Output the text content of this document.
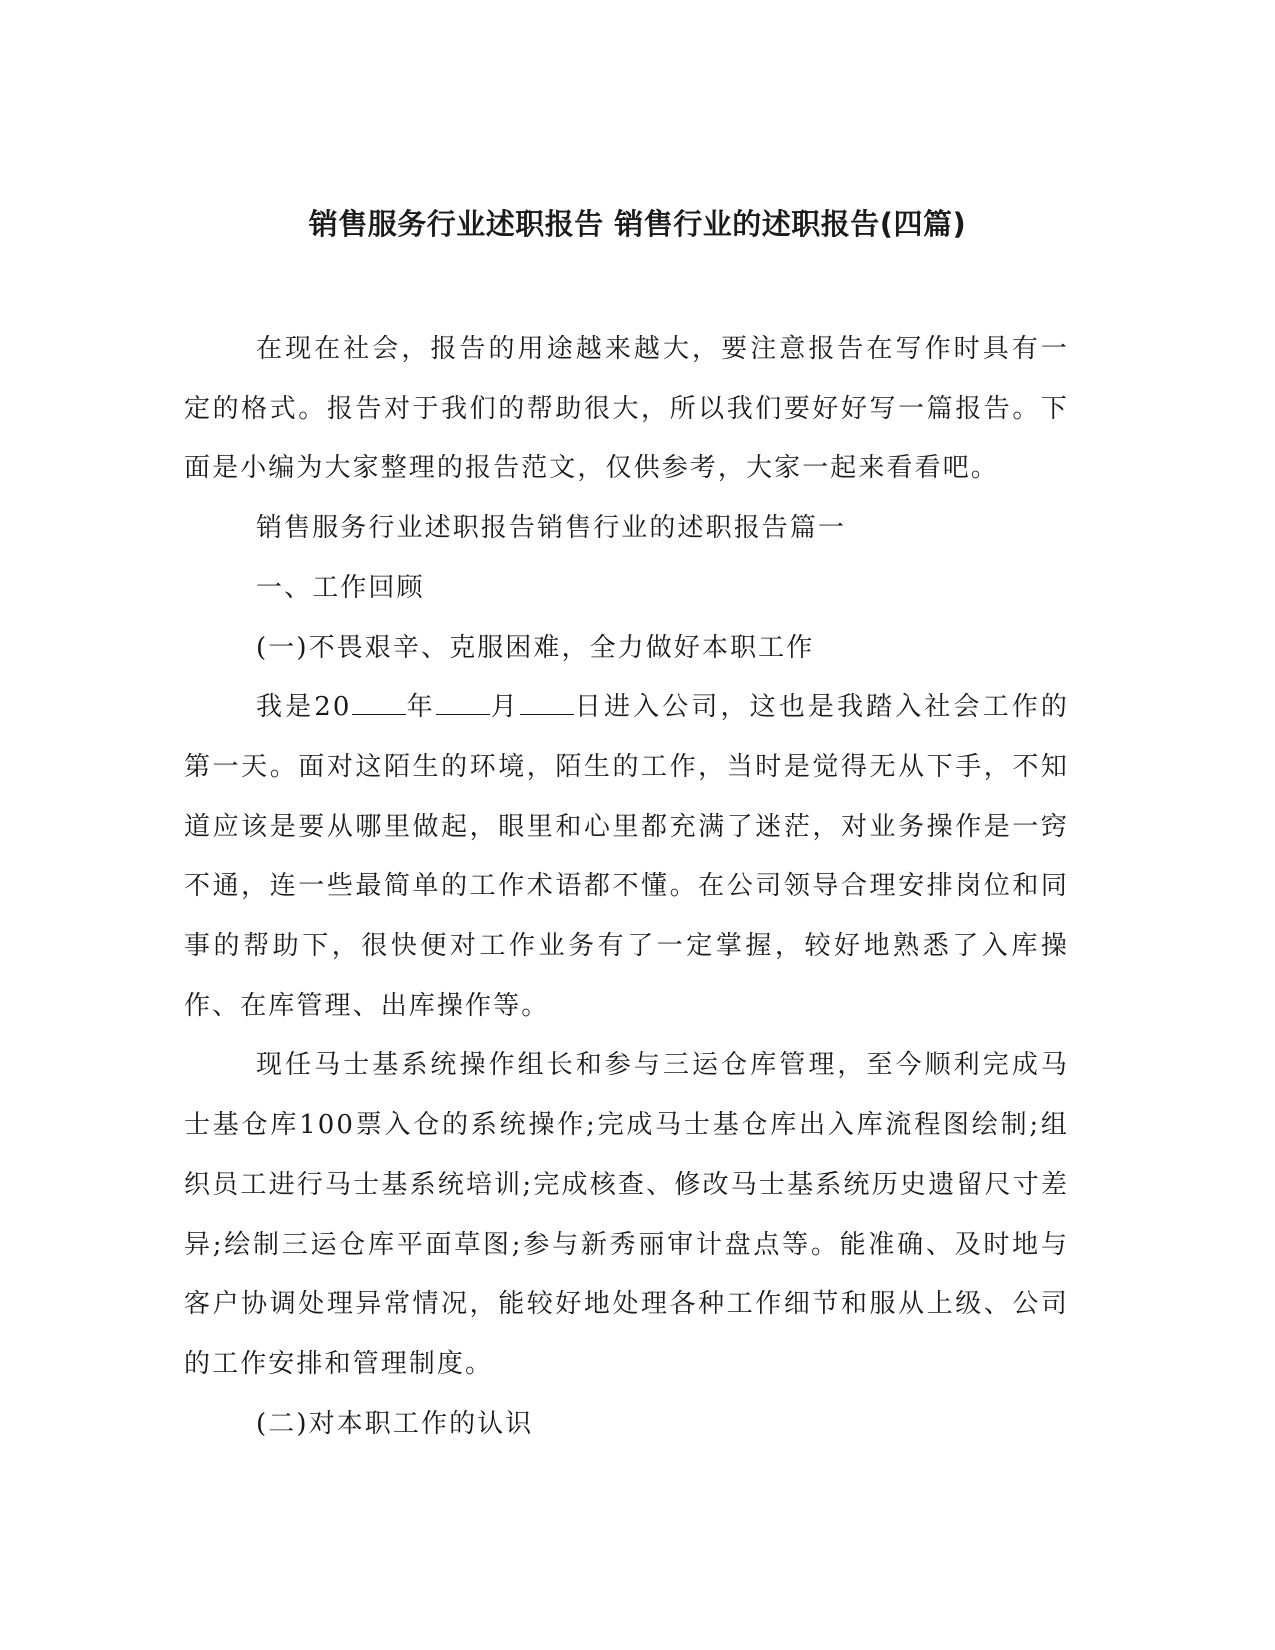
销售服务行业述职报告 销售行业的述职报告(四篇)

在现在社会，报告的用途越来越大，要注意报告在写作时具有一定的格式。报告对于我们的帮助很大，所以我们要好好写一篇报告。下面是小编为大家整理的报告范文，仅供参考，大家一起来看看吧。

销售服务行业述职报告销售行业的述职报告篇一

一、工作回顾

(一)不畏艰辛、克服困难，全力做好本职工作

我是20 年 月 日进入公司，这也是我踏入社会工作的第一天。面对这陌生的环境，陌生的工作，当时是觉得无从下手，不知道应该是要从哪里做起，眼里和心里都充满了迷茫，对业务操作是一窍不通，连一些最简单的工作术语都不懂。在公司领导合理安排岗位和同事的帮助下，很快便对工作业务有了一定掌握，较好地熟悉了入库操作、在库管理、出库操作等。

现任马士基系统操作组长和参与三运仓库管理，至今顺利完成马士基仓库100票入仓的系统操作;完成马士基仓库出入库流程图绘制;组织员工进行马士基系统培训;完成核查、修改马士基系统历史遗留尺寸差异;绘制三运仓库平面草图;参与新秀丽审计盘点等。能准确、及时地与客户协调处理异常情况，能较好地处理各种工作细节和服从上级、公司的工作安排和管理制度。

(二)对本职工作的认识
